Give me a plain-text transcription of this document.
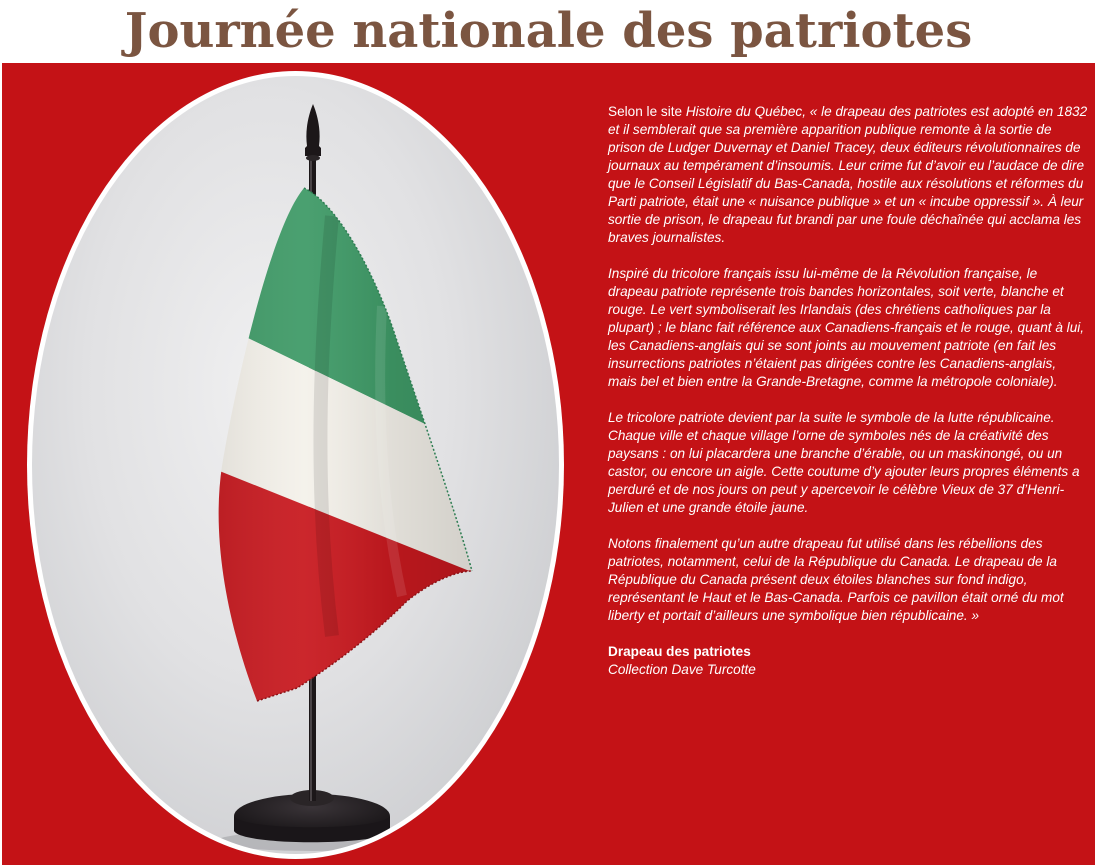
Journée nationale des patriotes

Selon le site Histoire du Québec, « le drapeau des patriotes est adopté en 1832 et il semblerait que sa première apparition publique remonte à la sortie de prison de Ludger Duvernay et Daniel Tracey, deux éditeurs révolutionnaires de journaux au tempérament d’insoumis. Leur crime fut d’avoir eu l’audace de dire que le Conseil Législatif du Bas-Canada, hostile aux résolutions et réformes du Parti patriote, était une « nuisance publique » et un « incube oppressif ». À leur sortie de prison, le drapeau fut brandi par une foule déchaînée qui acclama les braves journalistes.

Inspiré du tricolore français issu lui-même de la Révolution française, le drapeau patriote représente trois bandes horizontales, soit verte, blanche et rouge. Le vert symboliserait les Irlandais (des chrétiens catholiques par la plupart) ; le blanc fait référence aux Canadiens-français et le rouge, quant à lui, les Canadiens-anglais qui se sont joints au mouvement patriote (en fait les insurrections patriotes n’étaient pas dirigées contre les Canadiens-anglais, mais bel et bien entre la Grande-Bretagne, comme la métropole coloniale).

Le tricolore patriote devient par la suite le symbole de la lutte républicaine. Chaque ville et chaque village l’orne de symboles nés de la créativité des paysans : on lui placardera une branche d’érable, ou un maskinongé, ou un castor, ou encore un aigle. Cette coutume d’y ajouter leurs propres éléments a perduré et de nos jours on peut y apercevoir le célèbre Vieux de 37 d’Henri-Julien et une grande étoile jaune.

Notons finalement qu’un autre drapeau fut utilisé dans les rébellions des patriotes, notamment, celui de la République du Canada. Le drapeau de la République du Canada présent deux étoiles blanches sur fond indigo, représentant le Haut et le Bas-Canada. Parfois ce pavillon était orné du mot liberty et portait d’ailleurs une symbolique bien républicaine. »

Drapeau des patriotes
Collection Dave Turcotte
